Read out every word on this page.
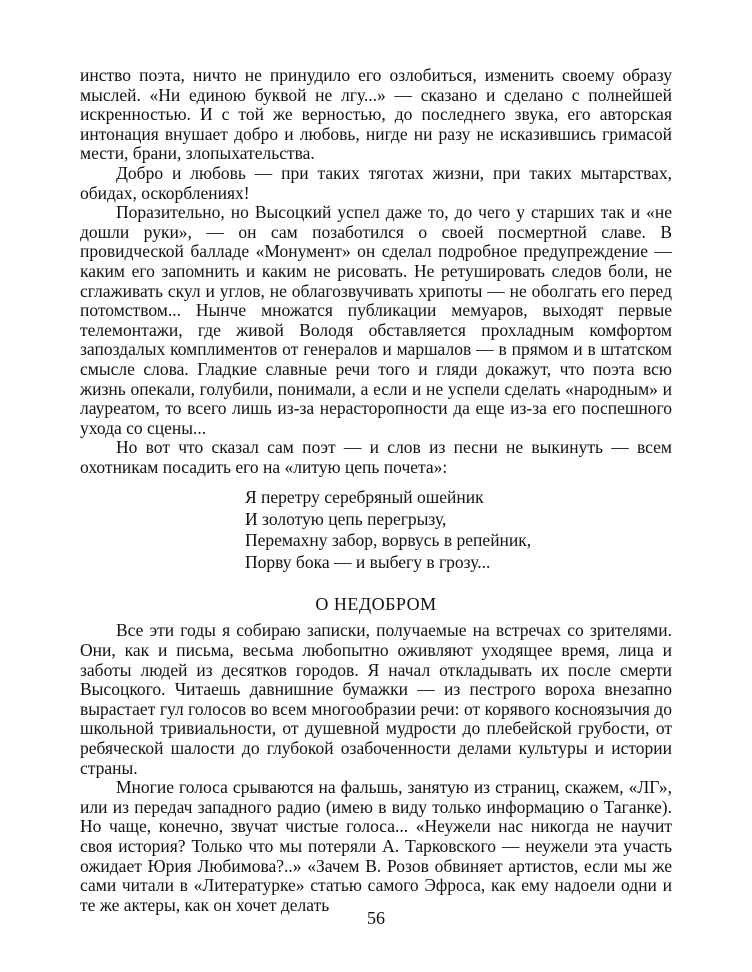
инство поэта, ничто не принудило его озлобиться, изменить своему образу мыслей. «Ни единою буквой не лгу...» — сказано и сделано с полнейшей искренностью. И с той же верностью, до последнего звука, его авторская интонация внушает добро и любовь, нигде ни разу не исказившись гримасой мести, брани, злопыхательства.

Добро и любовь — при таких тяготах жизни, при таких мытарствах, обидах, оскорблениях!

Поразительно, но Высоцкий успел даже то, до чего у старших так и «не дошли руки», — он сам позаботился о своей посмертной славе. В провидческой балладе «Монумент» он сделал подробное предупреждение — каким его запомнить и каким не рисовать. Не ретушировать следов боли, не сглаживать скул и углов, не облагозвучивать хрипоты — не оболгать его перед потомством... Нынче множатся публикации мемуаров, выходят первые телемонтажи, где живой Володя обставляется прохладным комфортом запоздалых комплиментов от генералов и маршалов — в прямом и в штатском смысле слова. Гладкие славные речи того и гляди докажут, что поэта всю жизнь опекали, голубили, понимали, а если и не успели сделать «народным» и лауреатом, то всего лишь из-за нерасторопности да еще из-за его поспешного ухода со сцены...

Но вот что сказал сам поэт — и слов из песни не выкинуть — всем охотникам посадить его на «литую цепь почета»:

Я перетру серебряный ошейник
И золотую цепь перегрызу,
Перемахну забор, ворвусь в репейник,
Порву бока — и выбегу в грозу...
О НЕДОБРОМ

Все эти годы я собираю записки, получаемые на встречах со зрителями. Они, как и письма, весьма любопытно оживляют уходящее время, лица и заботы людей из десятков городов. Я начал откладывать их после смерти Высоцкого. Читаешь давнишние бумажки — из пестрого вороха внезапно вырастает гул голосов во всем многообразии речи: от корявого косноязычия до школьной тривиальности, от душевной мудрости до плебейской грубости, от ребяческой шалости до глубокой озабоченности делами культуры и истории страны.

Многие голоса срываются на фальшь, занятую из страниц, скажем, «ЛГ», или из передач западного радио (имею в виду только информацию о Таганке). Но чаще, конечно, звучат чистые голоса... «Неужели нас никогда не научит своя история? Только что мы потеряли А. Тарковского — неужели эта участь ожидает Юрия Любимова?..» «Зачем В. Розов обвиняет артистов, если мы же сами читали в «Литературке» статью самого Эфроса, как ему надоели одни и те же актеры, как он хочет делать

56
